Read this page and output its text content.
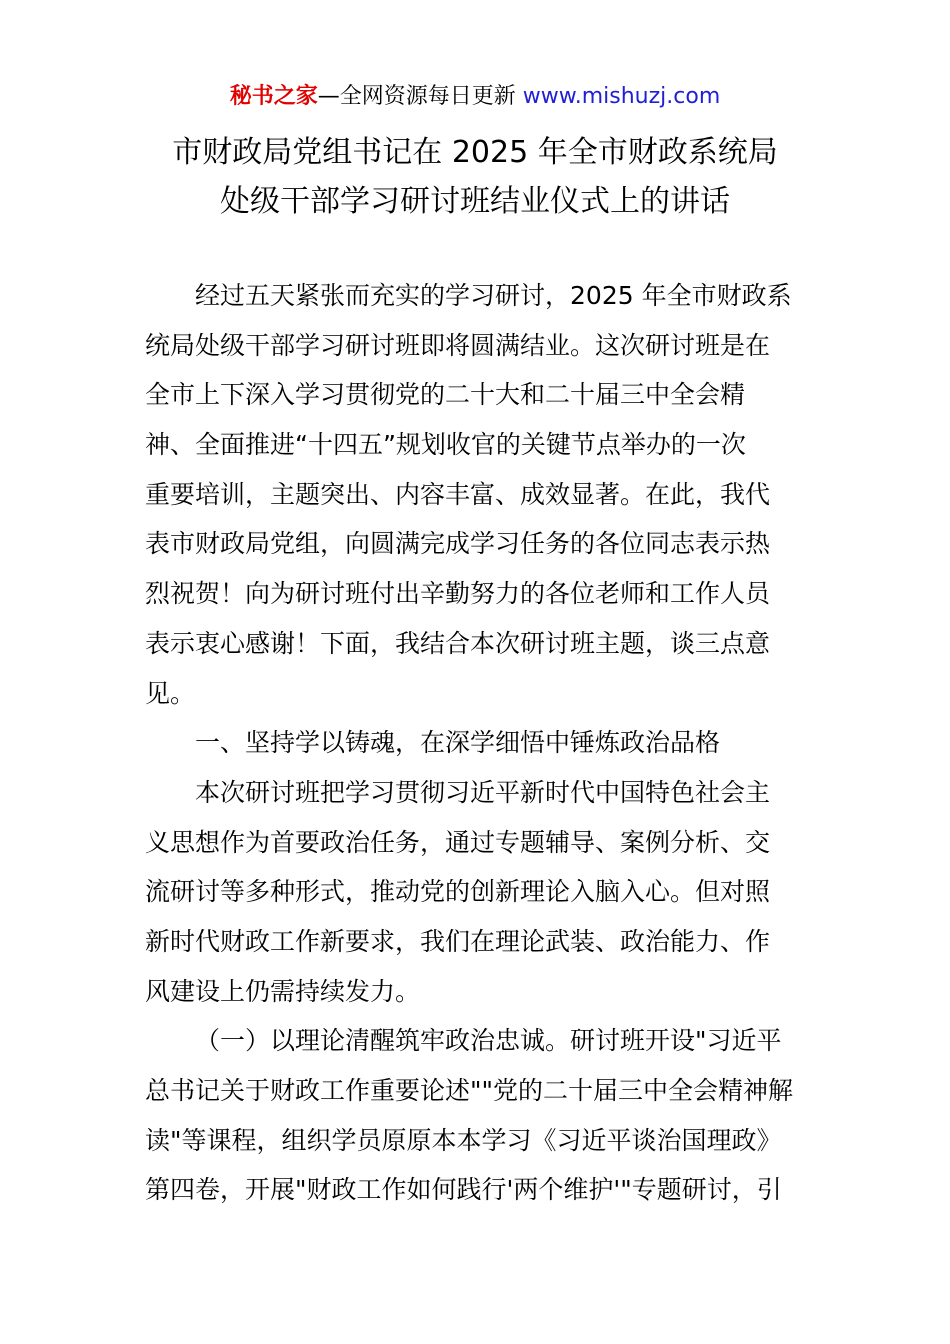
秘书之家—全网资源每日更新 www.mishuzj.com
市财政局党组书记在 2025 年全市财政系统局
处级干部学习研讨班结业仪式上的讲话
经过五天紧张而充实的学习研讨，2025 年全市财政系
统局处级干部学习研讨班即将圆满结业。这次研讨班是在
全市上下深入学习贯彻党的二十大和二十届三中全会精
神、全面推进“十四五”规划收官的关键节点举办的一次
重要培训，主题突出、内容丰富、成效显著。在此，我代
表市财政局党组，向圆满完成学习任务的各位同志表示热
烈祝贺！向为研讨班付出辛勤努力的各位老师和工作人员
表示衷心感谢！下面，我结合本次研讨班主题，谈三点意
见。
一、坚持学以铸魂，在深学细悟中锤炼政治品格
本次研讨班把学习贯彻习近平新时代中国特色社会主
义思想作为首要政治任务，通过专题辅导、案例分析、交
流研讨等多种形式，推动党的创新理论入脑入心。但对照
新时代财政工作新要求，我们在理论武装、政治能力、作
风建设上仍需持续发力。
（一）以理论清醒筑牢政治忠诚。研讨班开设"习近平
总书记关于财政工作重要论述""党的二十届三中全会精神解
读"等课程，组织学员原原本本学习《习近平谈治国理政》
第四卷，开展"财政工作如何践行'两个维护'"专题研讨，引
